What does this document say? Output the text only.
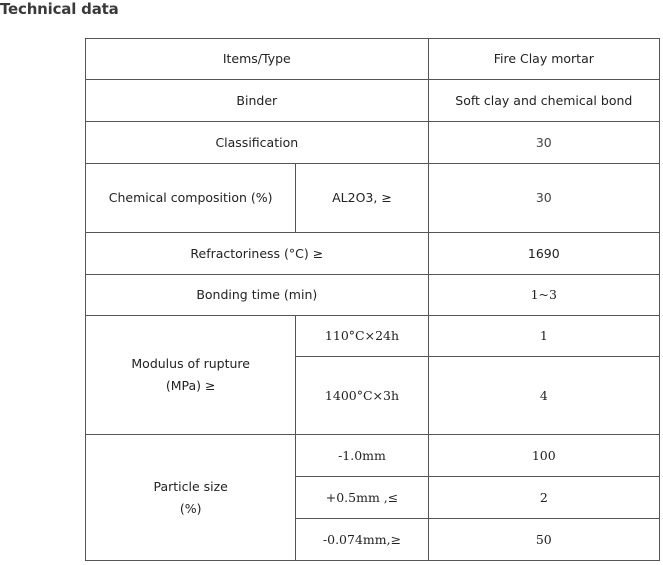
Technical data
Items/Type		Fire Clay mortar
Binder		Soft clay and chemical bond
Classification		30
Chemical composition (%)	AL2O3, ≥	30
Refractoriness (°C) ≥		1690
Bonding time (min)		1~3

Modulus of rupture
(MPa) ≥	110°C×24h	1
	1400°C×3h	4

Particle size
(%)	-1.0mm	100
	+0.5mm ,≤	2
	-0.074mm,≥	50
